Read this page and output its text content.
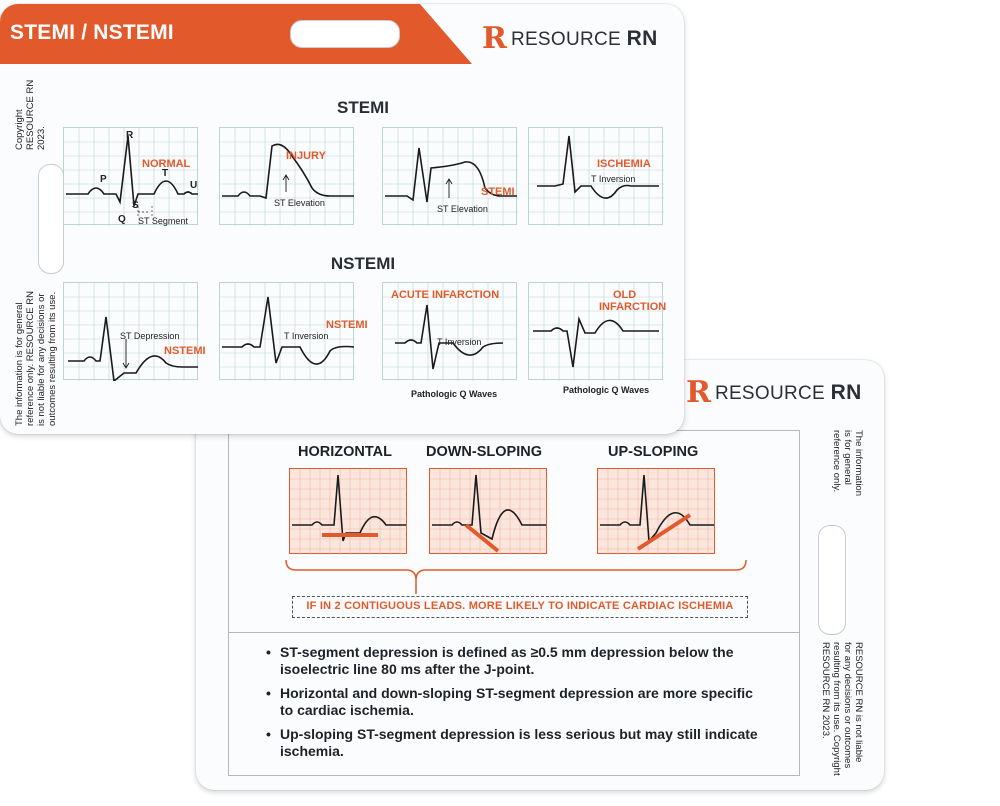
R RESOURCE RN
The information
is for general
reference only.
RESOURCE RN is not liable
for any decisions or outcomes
resulting from its use. Copyright
RESOURCE RN 2023.
HORIZONTAL DOWN-SLOPING	UP-SLOPING
IF IN 2 CONTIGUOUS LEADS. MORE LIKELY TO INDICATE CARDIAC ISCHEMIA
• ST-segment depression is defined as ≥0.5 mm depression below the isoelectric line 80 ms after the J-point.
• Horizontal and down-sloping ST-segment depression are more specific to cardiac ischemia.
• Up-sloping ST-segment depression is less serious but may still indicate ischemia.
STEMI / NSTEMI	R RESOURCE RN
Copyright
RESOURCE RN
2023.
The information is for general
reference only. RESOURCE RN
is not liable for any decisions or
outcomes resulting from its use.
STEMI
NSTEMI
NORMAL
P
Q
R
S
T
U
ST Segment
INJURY
ST Elevation
STEMI
ST Elevation
ISCHEMIA
T Inversion
ST Depression
NSTEMI
NSTEMI
T Inversion
ACUTE INFARCTION
T Inversion
Pathologic Q Waves
OLD
INFARCTION
Pathologic Q Waves
